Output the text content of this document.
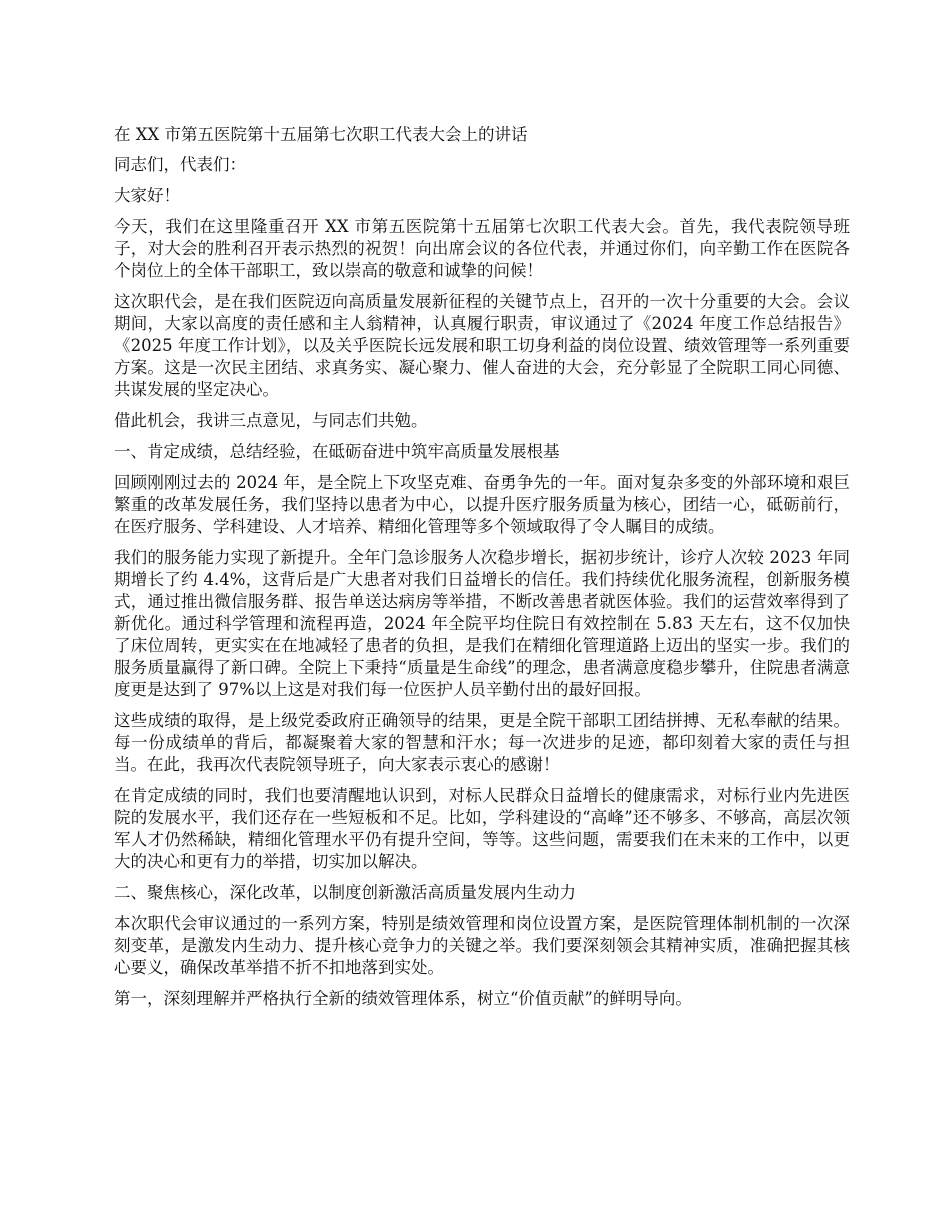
在 XX 市第五医院第十五届第七次职工代表大会上的讲话

同志们，代表们：

大家好！

今天，我们在这里隆重召开 XX 市第五医院第十五届第七次职工代表大会。首先，我代表院领导班子，对大会的胜利召开表示热烈的祝贺！向出席会议的各位代表，并通过你们，向辛勤工作在医院各个岗位上的全体干部职工，致以崇高的敬意和诚挚的问候！

这次职代会，是在我们医院迈向高质量发展新征程的关键节点上，召开的一次十分重要的大会。会议期间，大家以高度的责任感和主人翁精神，认真履行职责，审议通过了《2024 年度工作总结报告》《2025 年度工作计划》，以及关乎医院长远发展和职工切身利益的岗位设置、绩效管理等一系列重要方案。这是一次民主团结、求真务实、凝心聚力、催人奋进的大会，充分彰显了全院职工同心同德、共谋发展的坚定决心。

借此机会，我讲三点意见，与同志们共勉。

一、肯定成绩，总结经验，在砥砺奋进中筑牢高质量发展根基

回顾刚刚过去的 2024 年，是全院上下攻坚克难、奋勇争先的一年。面对复杂多变的外部环境和艰巨繁重的改革发展任务，我们坚持以患者为中心，以提升医疗服务质量为核心，团结一心，砥砺前行，在医疗服务、学科建设、人才培养、精细化管理等多个领域取得了令人瞩目的成绩。

我们的服务能力实现了新提升。全年门急诊服务人次稳步增长，据初步统计，诊疗人次较 2023 年同期增长了约 4.4%，这背后是广大患者对我们日益增长的信任。我们持续优化服务流程，创新服务模式，通过推出微信服务群、报告单送达病房等举措，不断改善患者就医体验。我们的运营效率得到了新优化。通过科学管理和流程再造，2024 年全院平均住院日有效控制在 5.83 天左右，这不仅加快了床位周转，更实实在在地减轻了患者的负担，是我们在精细化管理道路上迈出的坚实一步。我们的服务质量赢得了新口碑。全院上下秉持“质量是生命线”的理念，患者满意度稳步攀升，住院患者满意度更是达到了 97%以上这是对我们每一位医护人员辛勤付出的最好回报。

这些成绩的取得，是上级党委政府正确领导的结果，更是全院干部职工团结拼搏、无私奉献的结果。每一份成绩单的背后，都凝聚着大家的智慧和汗水；每一次进步的足迹，都印刻着大家的责任与担当。在此，我再次代表院领导班子，向大家表示衷心的感谢！

在肯定成绩的同时，我们也要清醒地认识到，对标人民群众日益增长的健康需求，对标行业内先进医院的发展水平，我们还存在一些短板和不足。比如，学科建设的“高峰”还不够多、不够高，高层次领军人才仍然稀缺，精细化管理水平仍有提升空间，等等。这些问题，需要我们在未来的工作中，以更大的决心和更有力的举措，切实加以解决。

二、聚焦核心，深化改革，以制度创新激活高质量发展内生动力

本次职代会审议通过的一系列方案，特别是绩效管理和岗位设置方案，是医院管理体制机制的一次深刻变革，是激发内生动力、提升核心竞争力的关键之举。我们要深刻领会其精神实质，准确把握其核心要义，确保改革举措不折不扣地落到实处。

第一，深刻理解并严格执行全新的绩效管理体系，树立“价值贡献”的鲜明导向。
